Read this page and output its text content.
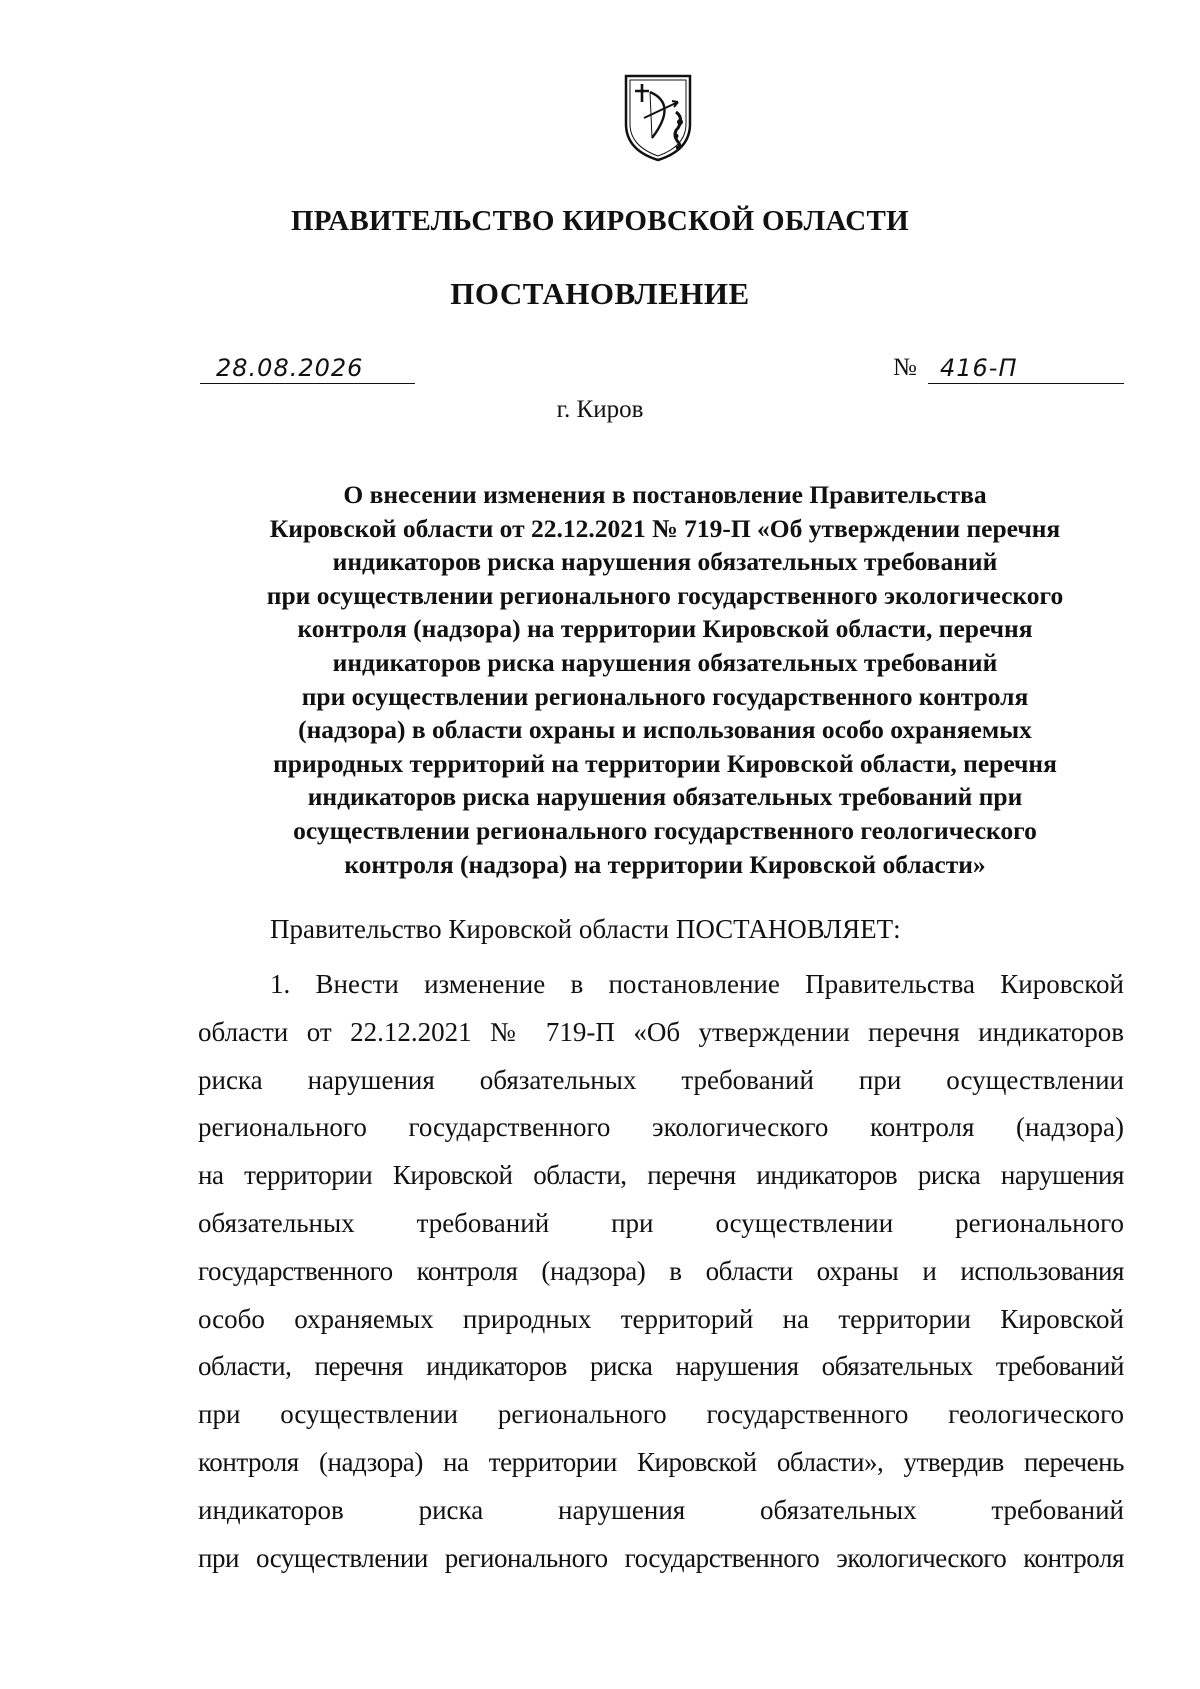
ПРАВИТЕЛЬСТВО КИРОВСКОЙ ОБЛАСТИ
ПОСТАНОВЛЕНИЕ
28.08.2026	№ 416-П
г. Киров
О внесении изменения в постановление Правительства
Кировской области от 22.12.2021 № 719-П «Об утверждении перечня
индикаторов риска нарушения обязательных требований
при осуществлении регионального государственного экологического
контроля (надзора) на территории Кировской области, перечня
индикаторов риска нарушения обязательных требований
при осуществлении регионального государственного контроля
(надзора) в области охраны и использования особо охраняемых
природных территорий на территории Кировской области, перечня
индикаторов риска нарушения обязательных требований при
осуществлении регионального государственного геологического
контроля (надзора) на территории Кировской области»
Правительство Кировской области ПОСТАНОВЛЯЕТ:
1. Внести изменение в постановление Правительства Кировской
области от 22.12.2021 № 719-П «Об утверждении перечня индикаторов
риска нарушения обязательных требований при осуществлении
регионального государственного экологического контроля (надзора)
на территории Кировской области, перечня индикаторов риска нарушения
обязательных требований при осуществлении регионального
государственного контроля (надзора) в области охраны и использования
особо охраняемых природных территорий на территории Кировской
области, перечня индикаторов риска нарушения обязательных требований
при осуществлении регионального государственного геологического
контроля (надзора) на территории Кировской области», утвердив перечень
индикаторов риска нарушения обязательных требований
при осуществлении регионального государственного экологического контроля
